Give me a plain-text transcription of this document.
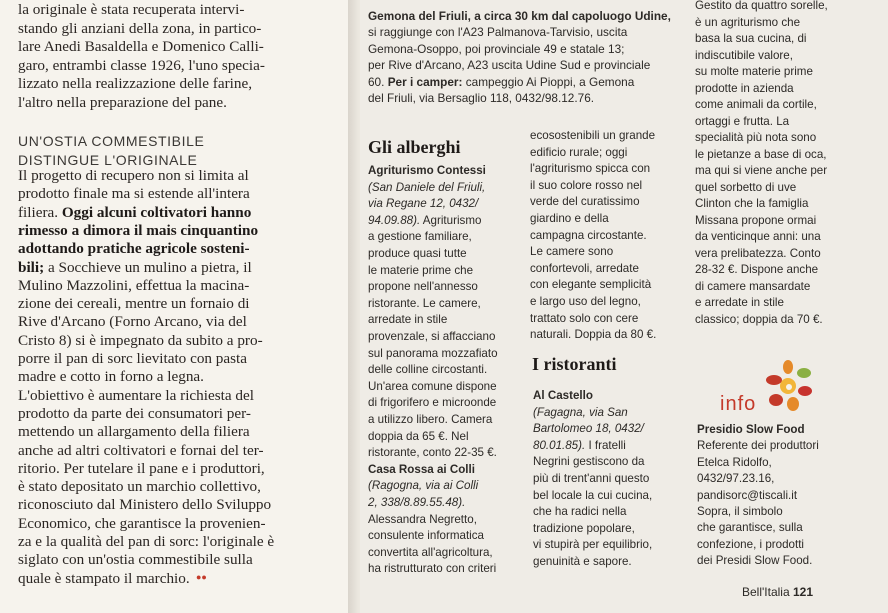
●●
Gli alberghi
I ristoranti
info
Bell'Italia 121
la originale è stata recuperata intervi-
stando gli anziani della zona, in partico-
lare Anedi Basaldella e Domenico Calli-
garo, entrambi classe 1926, l'uno specia-
lizzato nella realizzazione delle farine,
l'altro nella preparazione del pane.
UN'OSTIA COMMESTIBILE
DISTINGUE L'ORIGINALE
Il progetto di recupero non si limita al
prodotto finale ma si estende all'intera
filiera. Oggi alcuni coltivatori hanno
rimesso a dimora il mais cinquantino
adottando pratiche agricole sosteni-
bili; a Socchieve un mulino a pietra, il
Mulino Mazzolini, effettua la macina-
zione dei cereali, mentre un fornaio di
Rive d'Arcano (Forno Arcano, via del
Cristo 8) si è impegnato da subito a pro-
porre il pan di sorc lievitato con pasta
madre e cotto in forno a legna.
L'obiettivo è aumentare la richiesta del
prodotto da parte dei consumatori per-
mettendo un allargamento della filiera
anche ad altri coltivatori e fornai del ter-
ritorio. Per tutelare il pane e i produttori,
è stato depositato un marchio collettivo,
riconosciuto dal Ministero dello Sviluppo
Economico, che garantisce la provenien-
za e la qualità del pan di sorc: l'originale è
siglato con un'ostia commestibile sulla
quale è stampato il marchio.
Gemona del Friuli, a circa 30 km dal capoluogo Udine,
si raggiunge con l'A23 Palmanova-Tarvisio, uscita
Gemona-Osoppo, poi provinciale 49 e statale 13;
per Rive d'Arcano, A23 uscita Udine Sud e provinciale
60. Per i camper: campeggio Ai Pioppi, a Gemona
del Friuli, via Bersaglio 118, 0432/98.12.76.
Agriturismo Contessi
(San Daniele del Friuli,
via Regane 12, 0432/
94.09.88). Agriturismo
a gestione familiare,
produce quasi tutte
le materie prime che
propone nell'annesso
ristorante. Le camere,
arredate in stile
provenzale, si affacciano
sul panorama mozzafiato
delle colline circostanti.
Un'area comune dispone
di frigorifero e microonde
a utilizzo libero. Camera
doppia da 65 €. Nel
ristorante, conto 22-35 €.
Casa Rossa ai Colli
(Ragogna, via ai Colli
2, 338/8.89.55.48).
Alessandra Negretto,
consulente informatica
convertita all'agricoltura,
ha ristrutturato con criteri
ecosostenibili un grande
edificio rurale; oggi
l'agriturismo spicca con
il suo colore rosso nel
verde del curatissimo
giardino e della
campagna circostante.
Le camere sono
confortevoli, arredate
con elegante semplicità
e largo uso del legno,
trattato solo con cere
naturali. Doppia da 80 €.
Al Castello
(Fagagna, via San
Bartolomeo 18, 0432/
80.01.85). I fratelli
Negrini gestiscono da
più di trent'anni questo
bel locale la cui cucina,
che ha radici nella
tradizione popolare,
vi stupirà per equilibrio,
genuinità e sapore.
Gestito da quattro sorelle,
è un agriturismo che
basa la sua cucina, di
indiscutibile valore,
su molte materie prime
prodotte in azienda
come animali da cortile,
ortaggi e frutta. La
specialità più nota sono
le pietanze a base di oca,
ma qui si viene anche per
quel sorbetto di uve
Clinton che la famiglia
Missana propone ormai
da venticinque anni: una
vera prelibatezza. Conto
28-32 €. Dispone anche
di camere mansardate
e arredate in stile
classico; doppia da 70 €.
Presidio Slow Food
Referente dei produttori
Etelca Ridolfo,
0432/97.23.16,
pandisorc@tiscali.it
Sopra, il simbolo
che garantisce, sulla
confezione, i prodotti
dei Presidi Slow Food.
